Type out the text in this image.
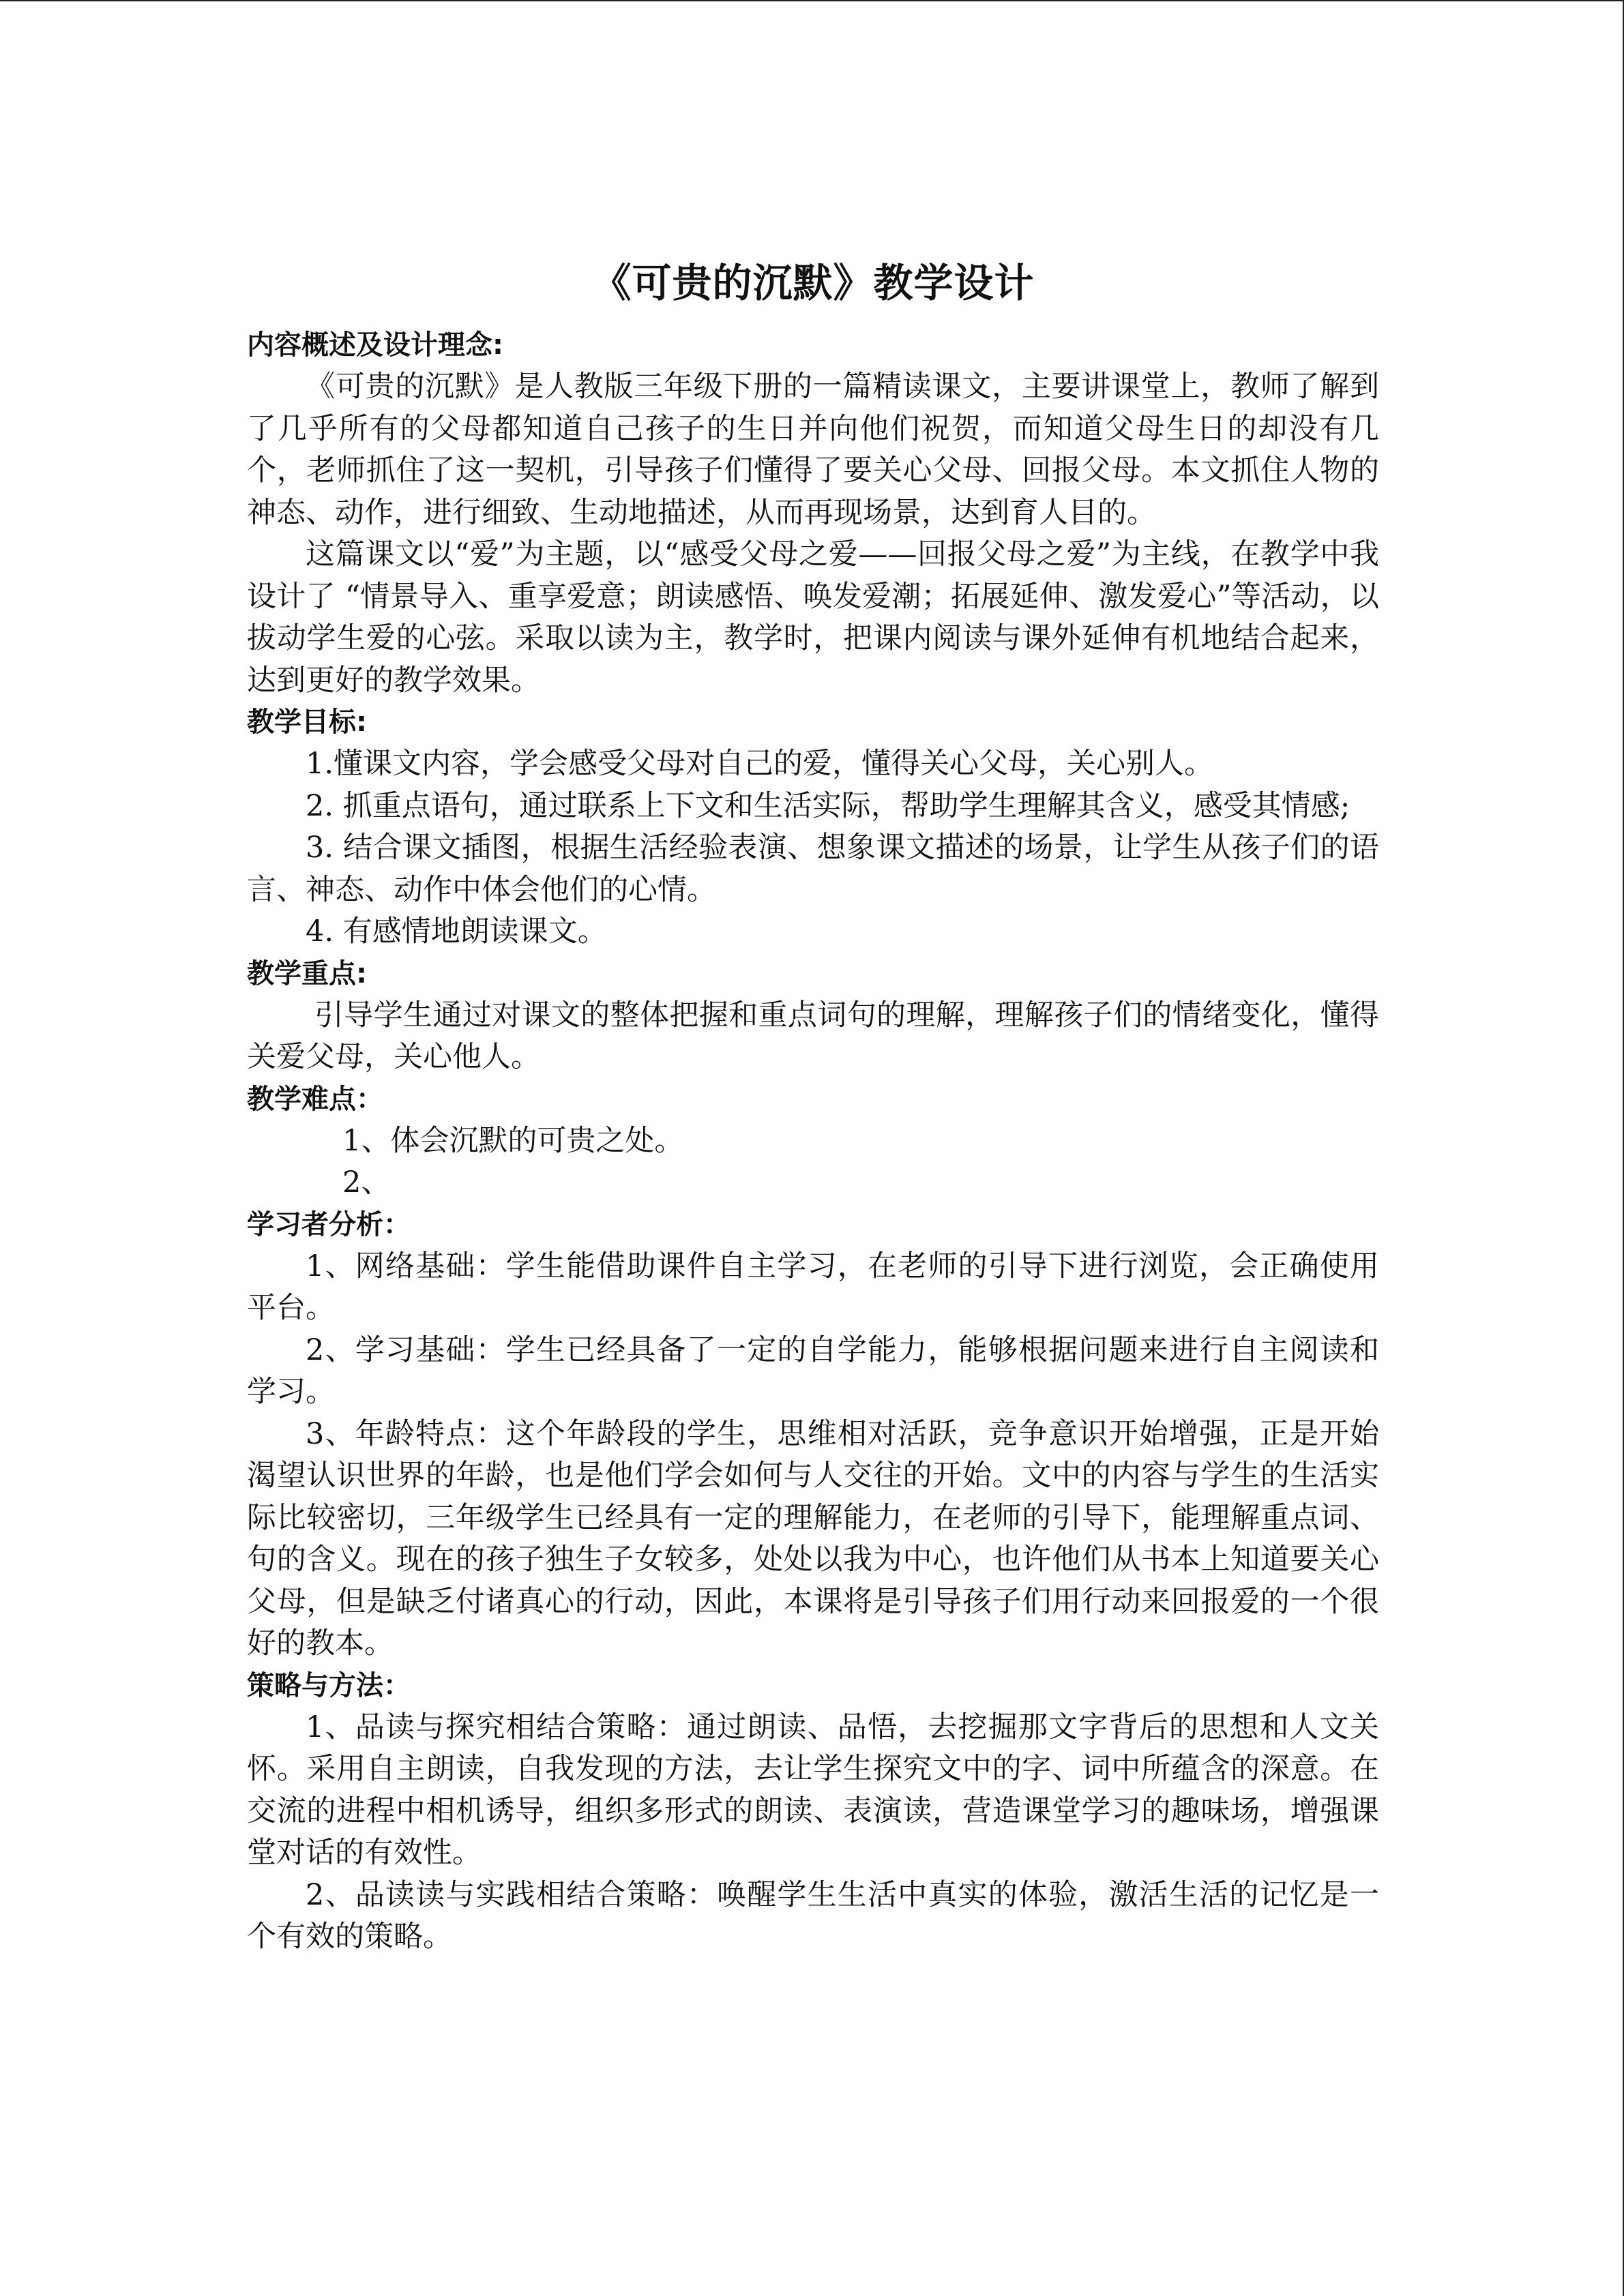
《可贵的沉默》教学设计
内容概述及设计理念:

《可贵的沉默》是人教版三年级下册的一篇精读课文，主要讲课堂上，教师了解到了几乎所有的父母都知道自己孩子的生日并向他们祝贺，而知道父母生日的却没有几个，老师抓住了这一契机，引导孩子们懂得了要关心父母、回报父母。本文抓住人物的神态、动作，进行细致、生动地描述，从而再现场景，达到育人目的。

这篇课文以“爱”为主题，以“感受父母之爱——回报父母之爱”为主线，在教学中我设计了 “情景导入、重享爱意；朗读感悟、唤发爱潮；拓展延伸、激发爱心”等活动，以拔动学生爱的心弦。采取以读为主，教学时，把课内阅读与课外延伸有机地结合起来，达到更好的教学效果。

教学目标:

1.懂课文内容，学会感受父母对自己的爱，懂得关心父母，关心别人。

2. 抓重点语句，通过联系上下文和生活实际，帮助学生理解其含义，感受其情感;

3. 结合课文插图，根据生活经验表演、想象课文描述的场景，让学生从孩子们的语言、神态、动作中体会他们的心情。

4. 有感情地朗读课文。

教学重点:

引导学生通过对课文的整体把握和重点词句的理解，理解孩子们的情绪变化，懂得关爱父母，关心他人。

教学难点：

1、体会沉默的可贵之处。

2、

学习者分析：

1、网络基础：学生能借助课件自主学习，在老师的引导下进行浏览，会正确使用平台。

2、学习基础：学生已经具备了一定的自学能力，能够根据问题来进行自主阅读和学习。

3、年龄特点：这个年龄段的学生，思维相对活跃，竞争意识开始增强，正是开始渴望认识世界的年龄，也是他们学会如何与人交往的开始。文中的内容与学生的生活实际比较密切，三年级学生已经具有一定的理解能力，在老师的引导下，能理解重点词、句的含义。现在的孩子独生子女较多，处处以我为中心，也许他们从书本上知道要关心父母，但是缺乏付诸真心的行动，因此，本课将是引导孩子们用行动来回报爱的一个很好的教本。

策略与方法：

1、品读与探究相结合策略：通过朗读、品悟，去挖掘那文字背后的思想和人文关怀。采用自主朗读，自我发现的方法，去让学生探究文中的字、词中所蕴含的深意。在交流的进程中相机诱导，组织多形式的朗读、表演读，营造课堂学习的趣味场，增强课堂对话的有效性。

2、品读读与实践相结合策略：唤醒学生生活中真实的体验，激活生活的记忆是一个有效的策略。
